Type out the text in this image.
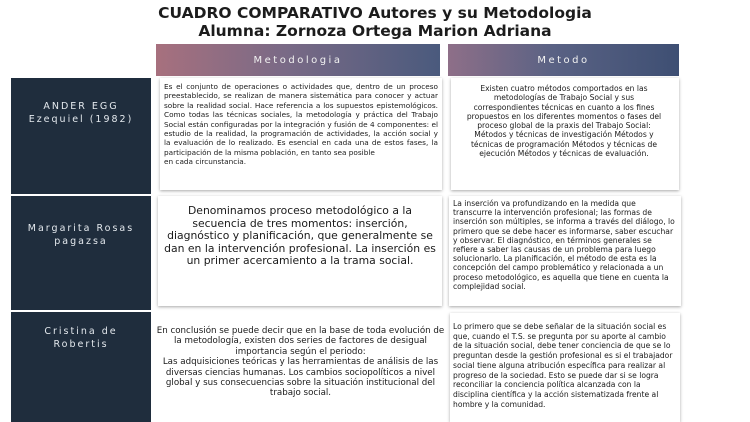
CUADRO COMPARATIVO Autores y su Metodologia
Alumna: Zornoza Ortega Marion Adriana
Metodologia	Metodo
ANDER EGG
Ezequiel (1982)
Margarita Rosas
pagazsa
Cristina de
Robertis

Es el conjunto de operaciones o actividades que, dentro de un proceso preestablecido, se realizan de manera sistemática para conocer y actuar sobre la realidad social. Hace referencia a los supuestos epistemológicos. Como todas las técnicas sociales, la metodología y práctica del Trabajo Social están configuradas por la integración y fusión de 4 componentes: el estudio de la realidad, la programación de actividades, la acción social y la evaluación de lo realizado. Es esencial en cada una de estos fases, la participación de la misma población, en tanto sea posible

en cada circunstancia.

Existen cuatro métodos comportados en las metodologías de Trabajo Social y sus correspondientes técnicas en cuanto a los fines propuestos en los diferentes momentos o fases del proceso global de la praxis del Trabajo Social: Métodos y técnicas de investigación Métodos y técnicas de programación Métodos y técnicas de ejecución Métodos y técnicas de evaluación.

Denominamos proceso metodológico a la secuencia de tres momentos: inserción, diagnóstico y planificación, que generalmente se dan en la intervención profesional. La inserción es un primer acercamiento a la trama social.

La inserción va profundizando en la medida que transcurre la intervención profesional; las formas de inserción son múltiples, se informa a través del diálogo, lo primero que se debe hacer es informarse, saber escuchar y observar. El diagnóstico, en términos generales se refiere a saber las causas de un problema para luego solucionarlo. La planificación, el método de esta es la concepción del campo problemático y relacionada a un proceso metodológico, es aquella que tiene en cuenta la complejidad social.

En conclusión se puede decir que en la base de toda evolución de la metodología, existen dos series de factores de desigual importancia según el periodo:

Las adquisiciones teóricas y las herramientas de análisis de las diversas ciencias humanas. Los cambios sociopolíticos a nivel global y sus consecuencias sobre la situación institucional del trabajo social.

Lo primero que se debe señalar de la situación social es que, cuando el T.S. se pregunta por su aporte al cambio de la situación social, debe tener conciencia de que se lo preguntan desde la gestión profesional es si el trabajador social tiene alguna atribución específica para realizar al progreso de la sociedad. Esto se puede dar si se logra reconciliar la conciencia política alcanzada con la disciplina científica y la acción sistematizada frente al hombre y la comunidad.
